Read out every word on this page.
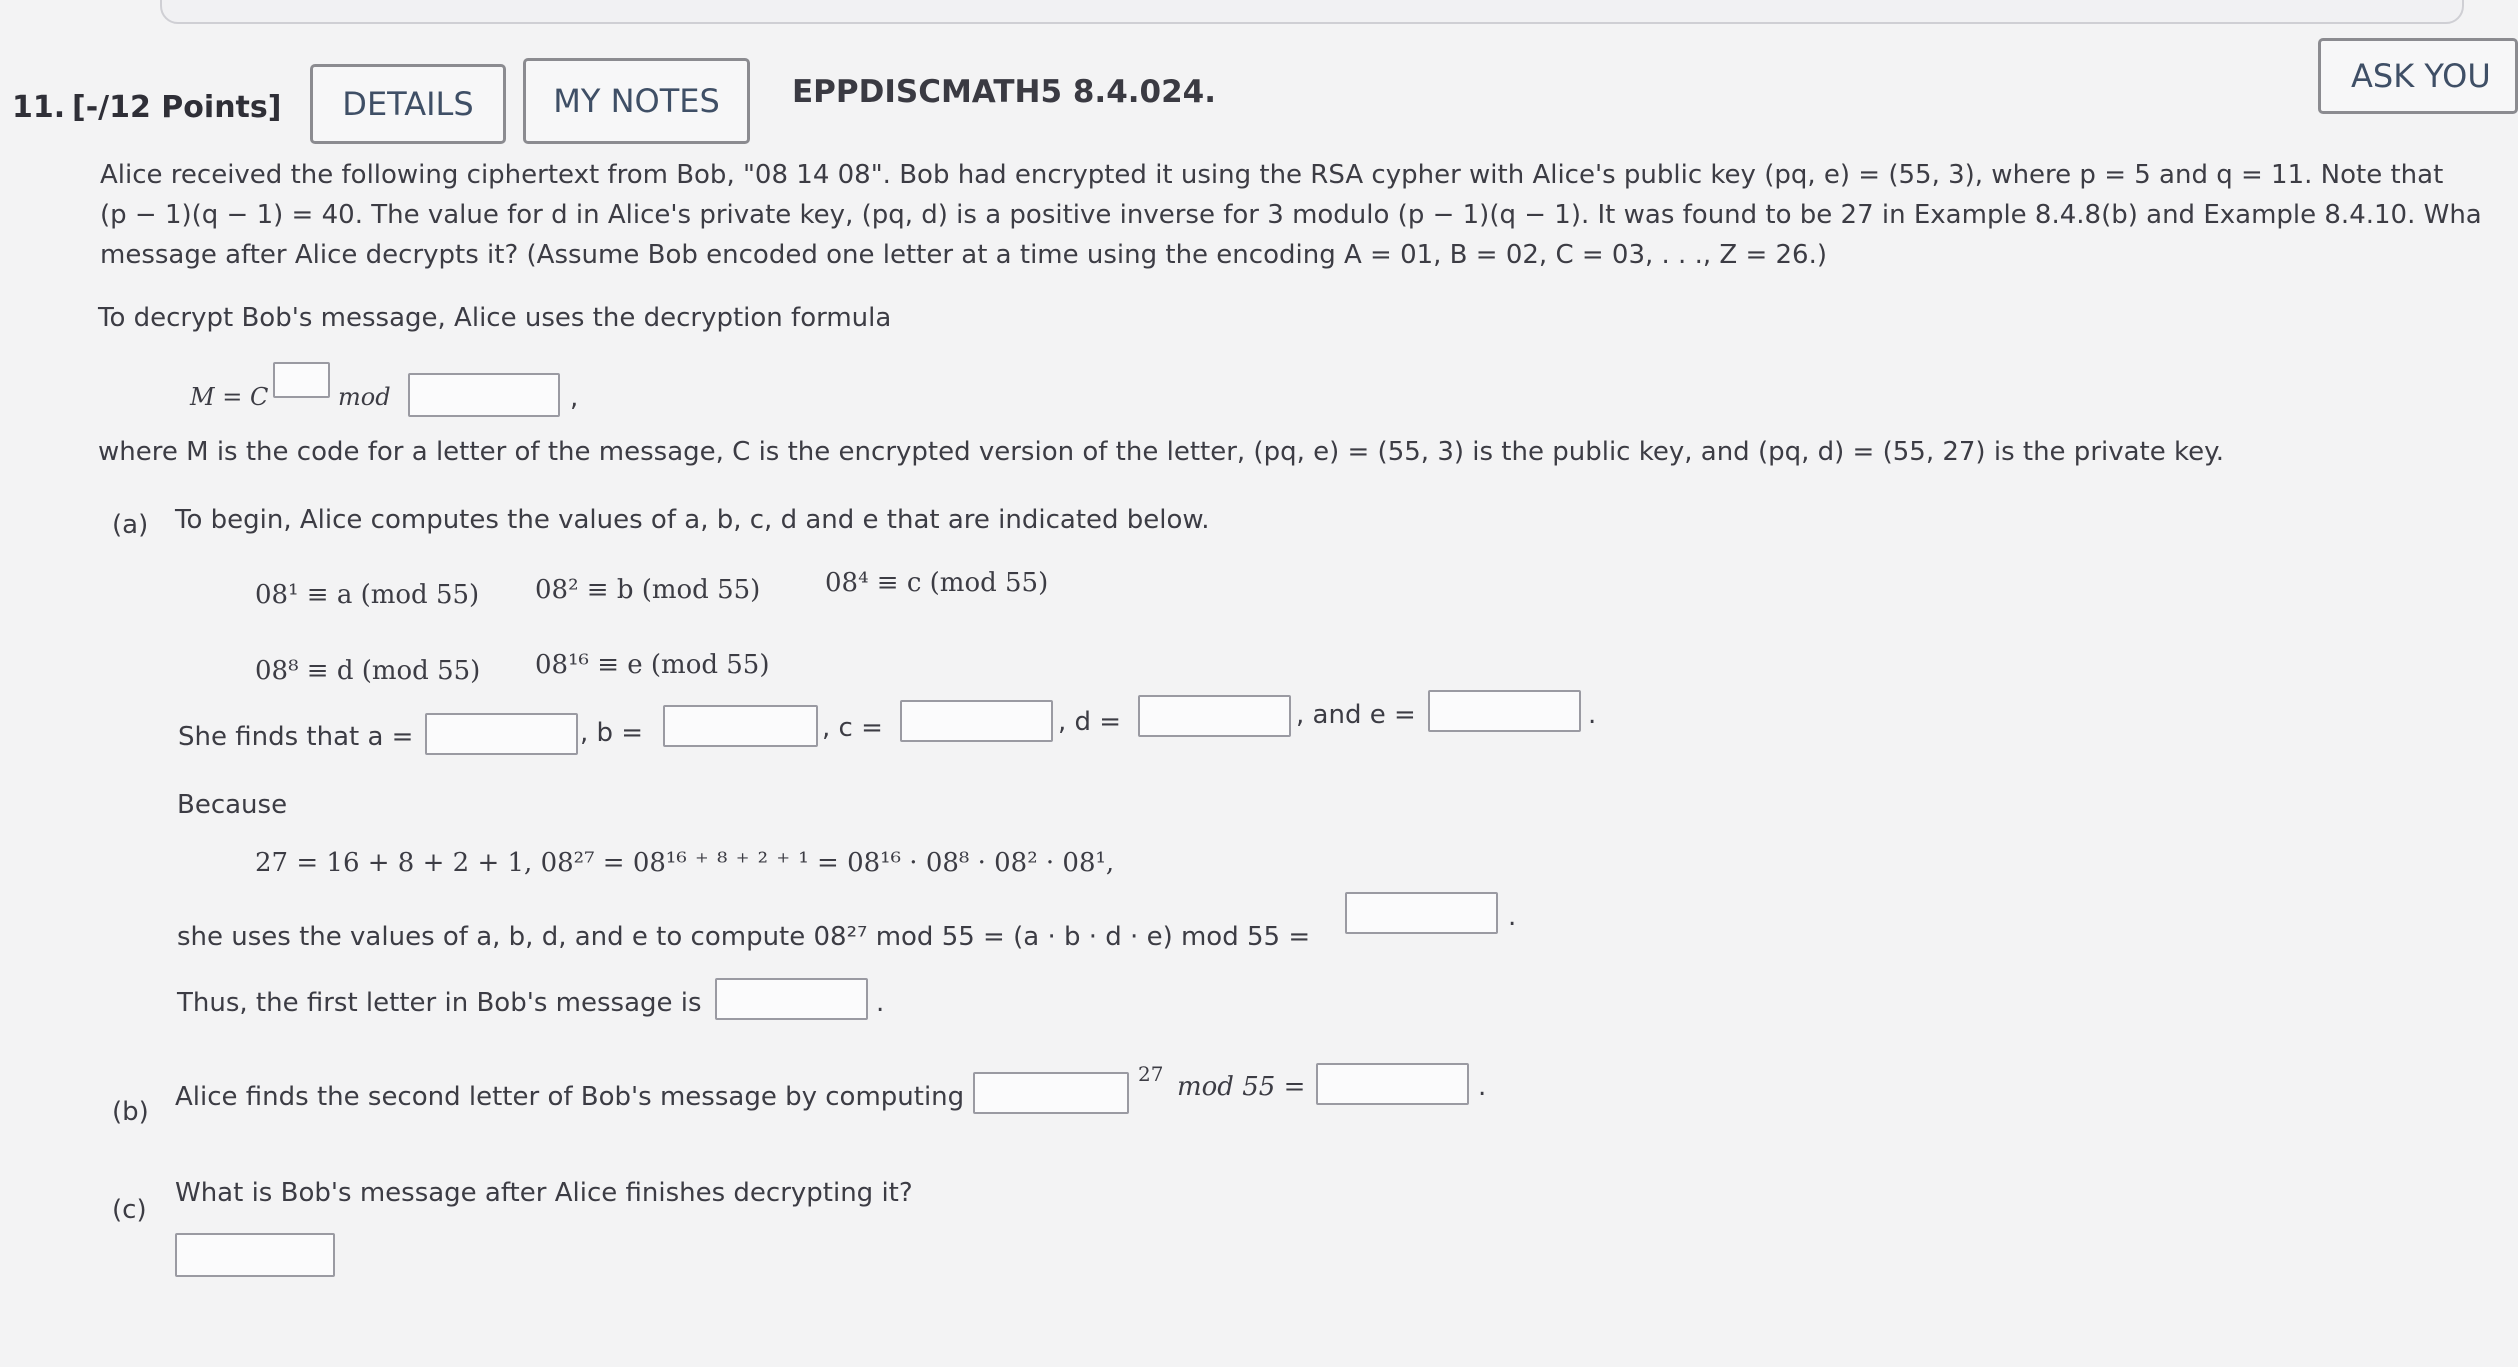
11. [-/12 Points]	DETAILS	MY NOTES	EPPDISCMATH5 8.4.024.	ASK YOU
Alice received the following ciphertext from Bob, "08 14 08". Bob had encrypted it using the RSA cypher with Alice's public key (pq, e) = (55, 3), where p = 5 and q = 11. Note that
(p − 1)(q − 1) = 40. The value for d in Alice's private key, (pq, d) is a positive inverse for 3 modulo (p − 1)(q − 1). It was found to be 27 in Example 8.4.8(b) and Example 8.4.10. Wha
message after Alice decrypts it? (Assume Bob encoded one letter at a time using the encoding A = 01, B = 02, C = 03, . . ., Z = 26.)
To decrypt Bob's message, Alice uses the decryption formula
M = C	mod	,
where M is the code for a letter of the message, C is the encrypted version of the letter, (pq, e) = (55, 3) is the public key, and (pq, d) = (55, 27) is the private key.
(a) To begin, Alice computes the values of a, b, c, d and e that are indicated below.
08¹ ≡ a (mod 55) 08² ≡ b (mod 55) 08⁴ ≡ c (mod 55)
08⁸ ≡ d (mod 55) 08¹⁶ ≡ e (mod 55)
She finds that a =	, b =	, c =	, d =	, and e =	.
Because
27 = 16 + 8 + 2 + 1, 08²⁷ = 08¹⁶ ⁺ ⁸ ⁺ ² ⁺ ¹ = 08¹⁶ · 08⁸ · 08² · 08¹,
she uses the values of a, b, d, and e to compute 08²⁷ mod 55 = (a · b · d · e) mod 55 =
.
Thus, the first letter in Bob's message is	.
(b) Alice finds the second letter of Bob's message by computing
27 mod 55 =	.
(c)
What is Bob's message after Alice finishes decrypting it?
